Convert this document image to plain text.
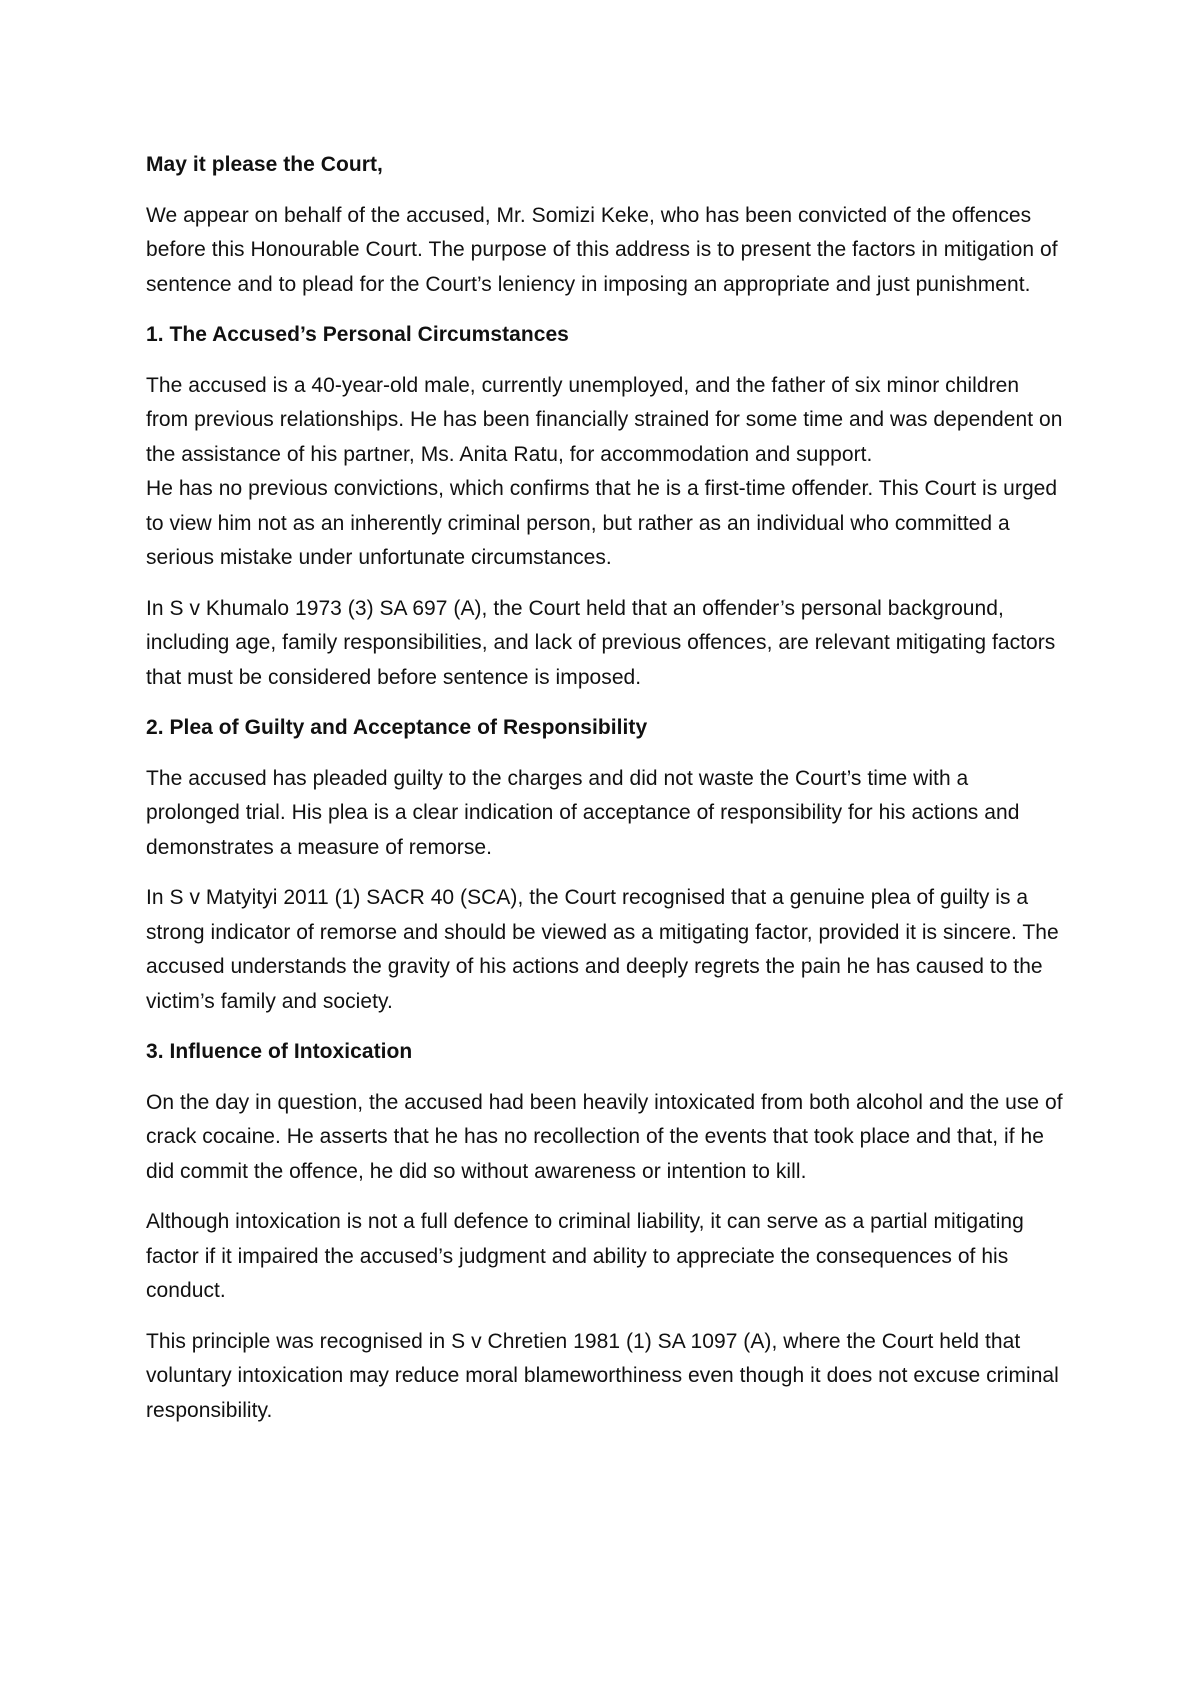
May it please the Court,

We appear on behalf of the accused, Mr. Somizi Keke, who has been convicted of the offences before this Honourable Court. The purpose of this address is to present the factors in mitigation of sentence and to plead for the Court’s leniency in imposing an appropriate and just punishment.

1. The Accused’s Personal Circumstances

The accused is a 40-year-old male, currently unemployed, and the father of six minor children from previous relationships. He has been financially strained for some time and was dependent on the assistance of his partner, Ms. Anita Ratu, for accommodation and support.

He has no previous convictions, which confirms that he is a first-time offender. This Court is urged to view him not as an inherently criminal person, but rather as an individual who committed a serious mistake under unfortunate circumstances.

In S v Khumalo 1973 (3) SA 697 (A), the Court held that an offender’s personal background, including age, family responsibilities, and lack of previous offences, are relevant mitigating factors that must be considered before sentence is imposed.

2. Plea of Guilty and Acceptance of Responsibility

The accused has pleaded guilty to the charges and did not waste the Court’s time with a prolonged trial. His plea is a clear indication of acceptance of responsibility for his actions and demonstrates a measure of remorse.

In S v Matyityi 2011 (1) SACR 40 (SCA), the Court recognised that a genuine plea of guilty is a strong indicator of remorse and should be viewed as a mitigating factor, provided it is sincere. The accused understands the gravity of his actions and deeply regrets the pain he has caused to the victim’s family and society.

3. Influence of Intoxication

On the day in question, the accused had been heavily intoxicated from both alcohol and the use of crack cocaine. He asserts that he has no recollection of the events that took place and that, if he did commit the offence, he did so without awareness or intention to kill.

Although intoxication is not a full defence to criminal liability, it can serve as a partial mitigating factor if it impaired the accused’s judgment and ability to appreciate the consequences of his conduct.

This principle was recognised in S v Chretien 1981 (1) SA 1097 (A), where the Court held that voluntary intoxication may reduce moral blameworthiness even though it does not excuse criminal responsibility.
